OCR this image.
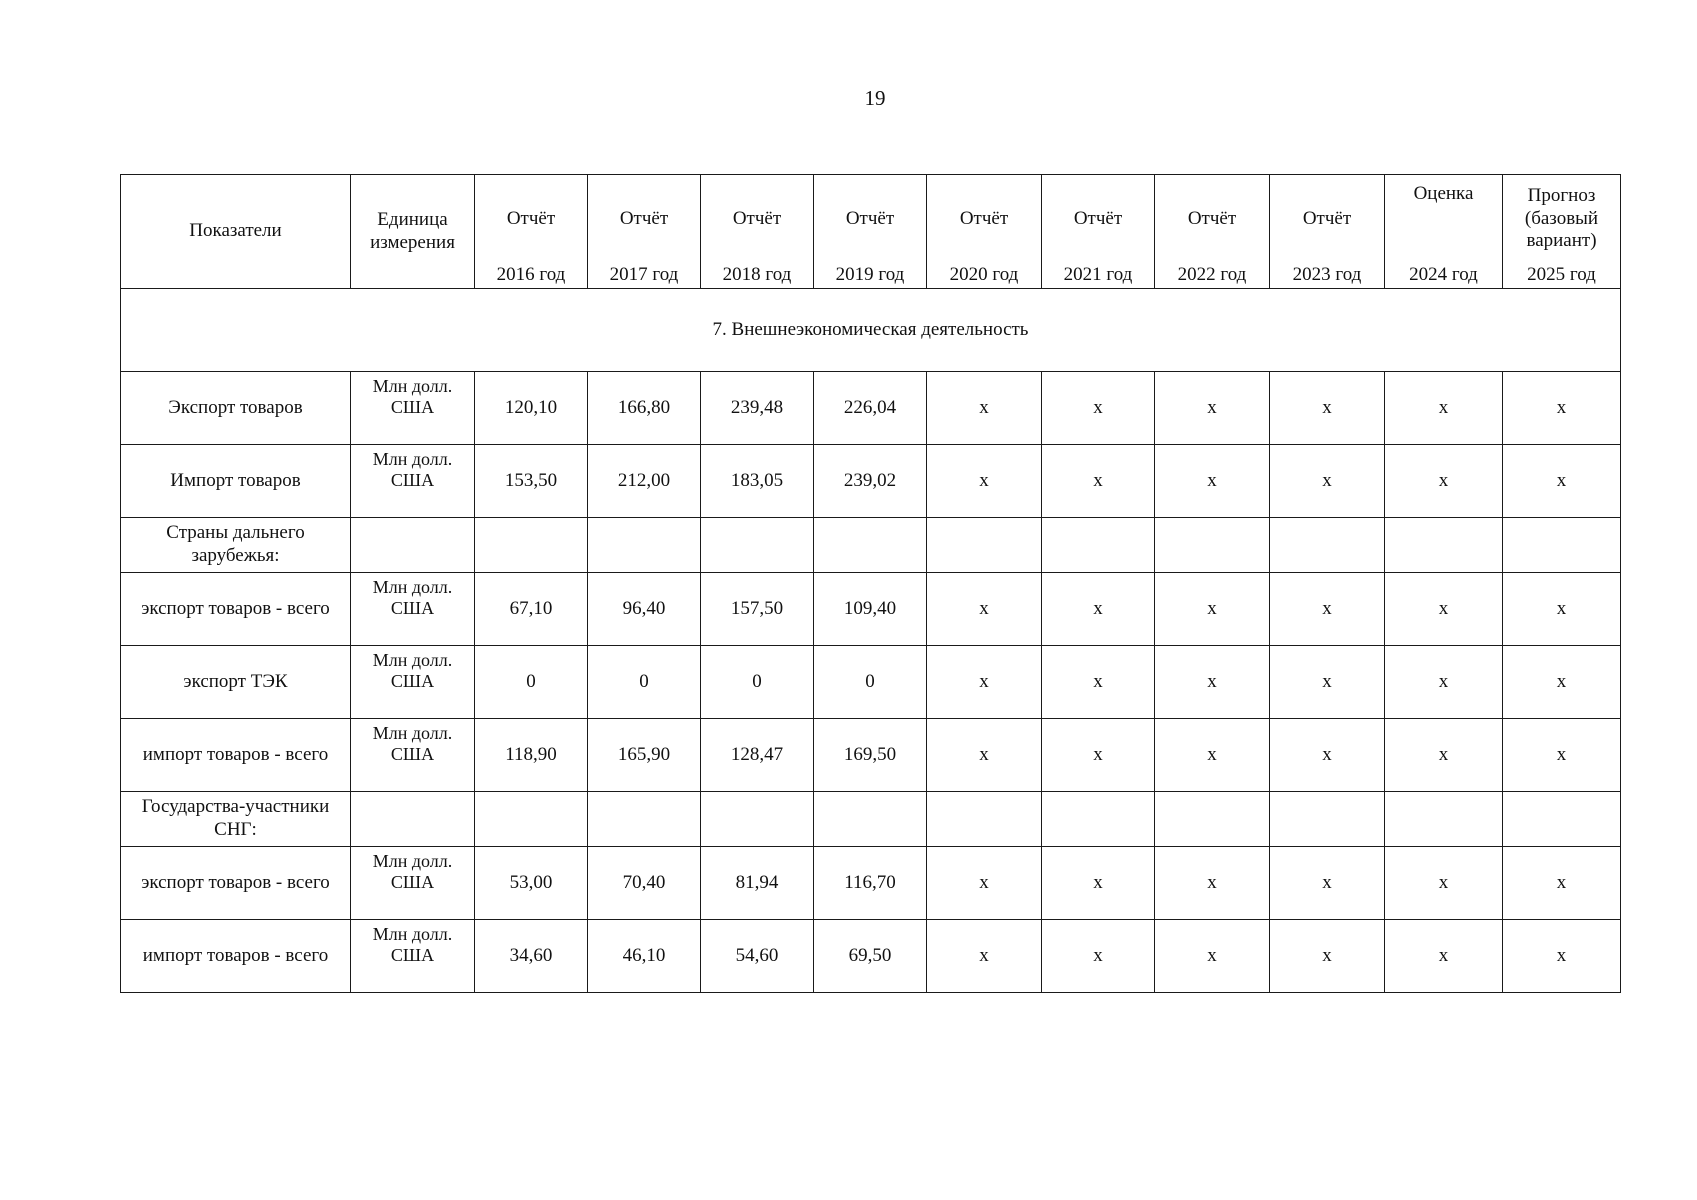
19
Показатели	Единица измерения	Отчёт	Отчёт	Отчёт	Отчёт	Отчёт	Отчёт	Отчёт	Отчёт	Оценка	Прогноз (базовый вариант)
		2016 год	2017 год	2018 год	2019 год	2020 год	2021 год	2022 год	2023 год	2024 год	2025 год
7. Внешнеэкономическая деятельность											
Экспорт товаров	Млн долл. США	120,10	166,80	239,48	226,04	x	x	x	x	x	x
Импорт товаров	Млн долл. США	153,50	212,00	183,05	239,02	x	x	x	x	x	x
Страны дальнего зарубежья:											
экспорт товаров - всего	Млн долл. США	67,10	96,40	157,50	109,40	x	x	x	x	x	x
экспорт ТЭК	Млн долл. США	0	0	0	0	x	x	x	x	x	x
импорт товаров - всего	Млн долл. США	118,90	165,90	128,47	169,50	x	x	x	x	x	x
Государства-участники СНГ:											
экспорт товаров - всего	Млн долл. США	53,00	70,40	81,94	116,70	x	x	x	x	x	x
импорт товаров - всего	Млн долл. США	34,60	46,10	54,60	69,50	x	x	x	x	x	x
